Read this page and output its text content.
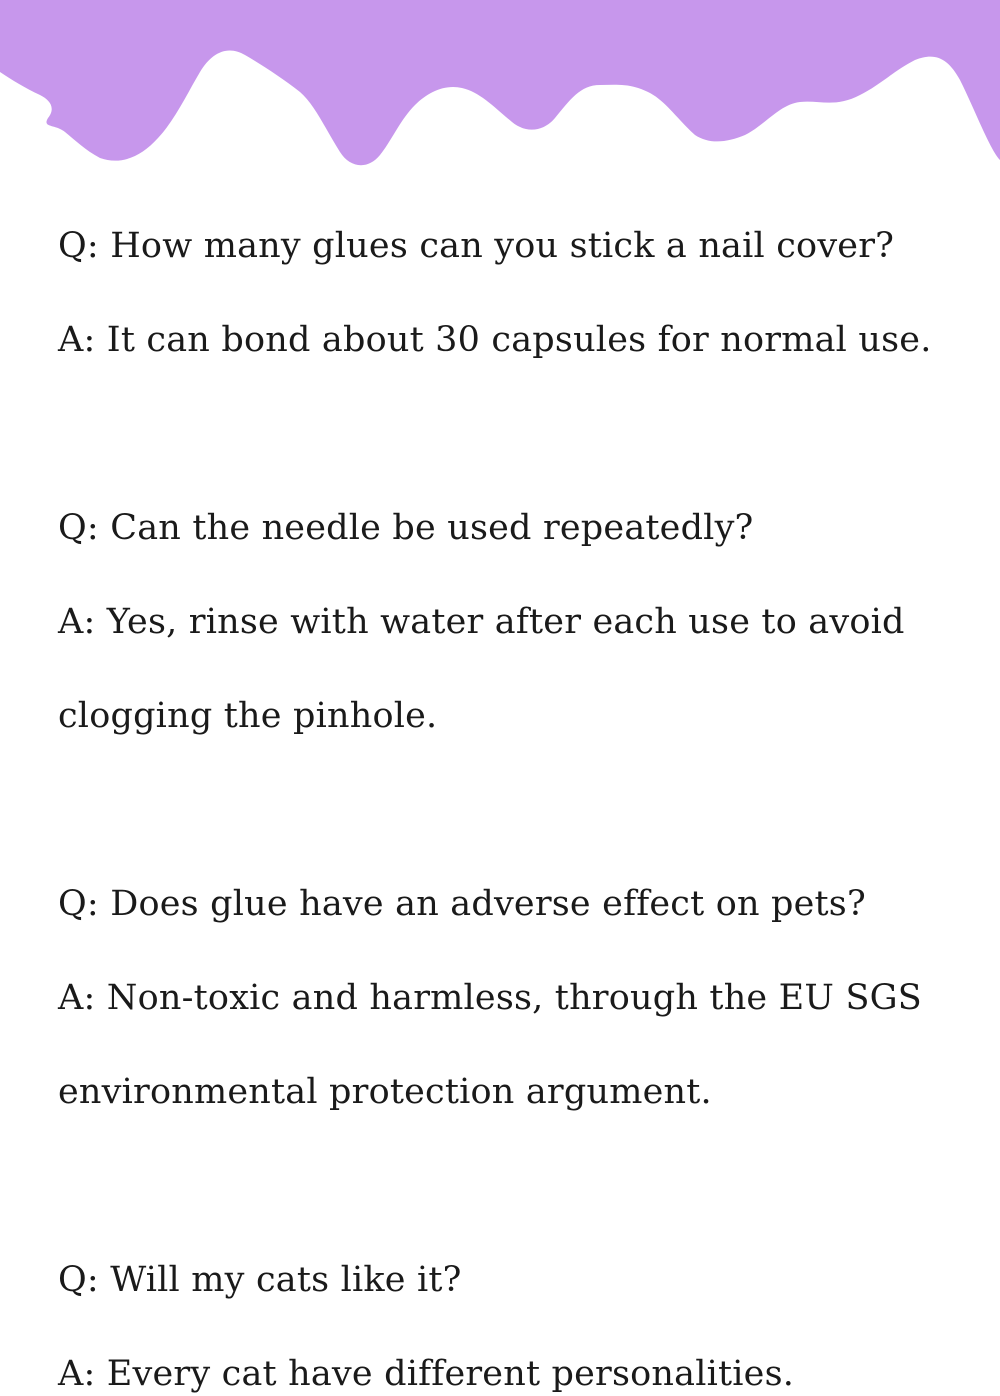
Q: How many glues can you stick a nail cover?
A: It can bond about 30 capsules for normal use.
Q: Can the needle be used repeatedly?
A: Yes, rinse with water after each use to avoid
clogging the pinhole.
Q: Does glue have an adverse effect on pets?
A: Non-toxic and harmless, through the EU SGS
environmental protection argument.
Q: Will my cats like it?
A: Every cat have different personalities.
